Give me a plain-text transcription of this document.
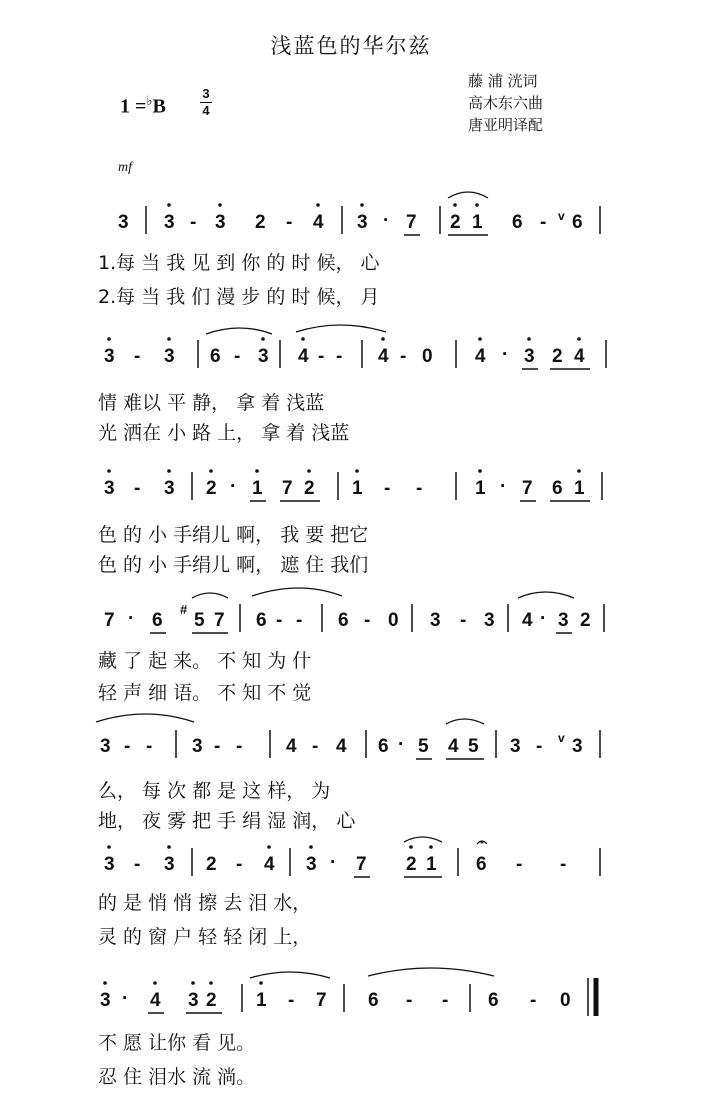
浅蓝色的华尔兹
1 =♭B
3
4
藤 浦 洸词
高木东六曲
唐亚明译配
mf
3 3 - 3 2 - 4 3 · 7 2 1 6 - v 6
1.每 当 我 见 到 你 的 时 候， 心
2.每 当 我 们 漫 步 的 时 候， 月
3 - 3 6 - 3 4 - - 4 - 0 4 · 3 2 4
情 难以 平 静， 拿 着 浅蓝
光 洒在 小 路 上， 拿 着 浅蓝
3 - 3 2 · 1 7 2 1 - -	1 · 7 6 1
色 的 小 手绢儿 啊， 我 要 把它
色 的 小 手绢儿 啊， 遮 住 我们
7 · 6
#
5 7 6 - - 6 - 0 3 - 3 4 · 3 2
藏 了 起 来。 不 知 为 什
轻 声 细 语。 不 知 不 觉
3 - - 3 - - 4 - 4 6 · 5 4 5 3 - v 3
么， 每 次 都 是 这 样， 为
地， 夜 雾 把 手 绢 湿 润， 心
3 - 3 2 - 4 3 · 7 2 1 6 - -
的 是 悄 悄 擦 去 泪 水，
灵 的 窗 户 轻 轻 闭 上，
3 · 4 3 2 1 - 7 6 - - 6 - 0
不 愿 让你 看 见。
忍 住 泪水 流 淌。
